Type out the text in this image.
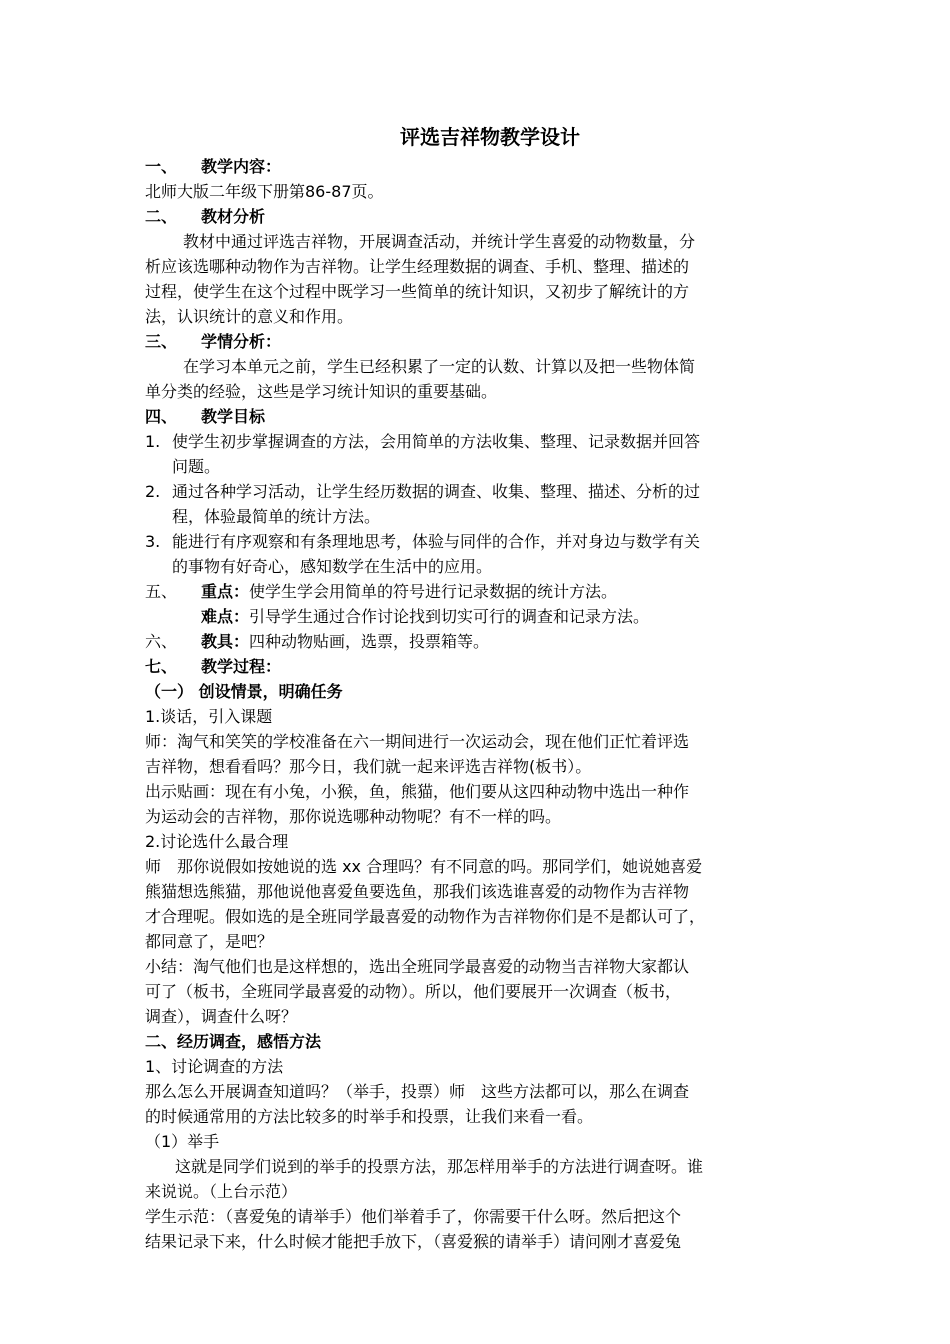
评选吉祥物教学设计
一、	教学内容：
北师大版二年级下册第86-87页。
二、	教材分析
教材中通过评选吉祥物，开展调查活动，并统计学生喜爱的动物数量，分
析应该选哪种动物作为吉祥物。让学生经理数据的调查、手机、整理、描述的
过程，使学生在这个过程中既学习一些简单的统计知识，又初步了解统计的方
法，认识统计的意义和作用。
三、	学情分析：
在学习本单元之前，学生已经积累了一定的认数、计算以及把一些物体简
单分类的经验，这些是学习统计知识的重要基础。
四、	教学目标
1. 使学生初步掌握调查的方法，会用简单的方法收集、整理、记录数据并回答
问题。
2. 通过各种学习活动，让学生经历数据的调查、收集、整理、描述、分析的过
程，体验最简单的统计方法。
3. 能进行有序观察和有条理地思考，体验与同伴的合作，并对身边与数学有关
的事物有好奇心，感知数学在生活中的应用。
五、	重点：使学生学会用简单的符号进行记录数据的统计方法。
难点：引导学生通过合作讨论找到切实可行的调查和记录方法。
六、	教具：四种动物贴画，选票，投票箱等。
七、	教学过程：
（一） 创设情景，明确任务
1.谈话，引入课题
师：淘气和笑笑的学校准备在六一期间进行一次运动会，现在他们正忙着评选
吉祥物，想看看吗？那今日，我们就一起来评选吉祥物(板书）。
出示贴画：现在有小兔，小猴，鱼，熊猫，他们要从这四种动物中选出一种作
为运动会的吉祥物，那你说选哪种动物呢？有不一样的吗。
2.讨论选什么最合理
师　那你说假如按她说的选 xx 合理吗？有不同意的吗。那同学们，她说她喜爱
熊猫想选熊猫，那他说他喜爱鱼要选鱼，那我们该选谁喜爱的动物作为吉祥物
才合理呢。假如选的是全班同学最喜爱的动物作为吉祥物你们是不是都认可了，
都同意了，是吧？
小结：淘气他们也是这样想的，选出全班同学最喜爱的动物当吉祥物大家都认
可了（板书，全班同学最喜爱的动物）。所以，他们要展开一次调查（板书，
调查），调查什么呀？
二、经历调查，感悟方法
1、讨论调查的方法
那么怎么开展调查知道吗？（举手，投票）师　这些方法都可以，那么在调查
的时候通常用的方法比较多的时举手和投票，让我们来看一看。
（1）举手
这就是同学们说到的举手的投票方法，那怎样用举手的方法进行调查呀。谁
来说说。（上台示范）
学生示范：（喜爱兔的请举手）他们举着手了，你需要干什么呀。然后把这个
结果记录下来，什么时候才能把手放下，（喜爱猴的请举手）请问刚才喜爱兔
